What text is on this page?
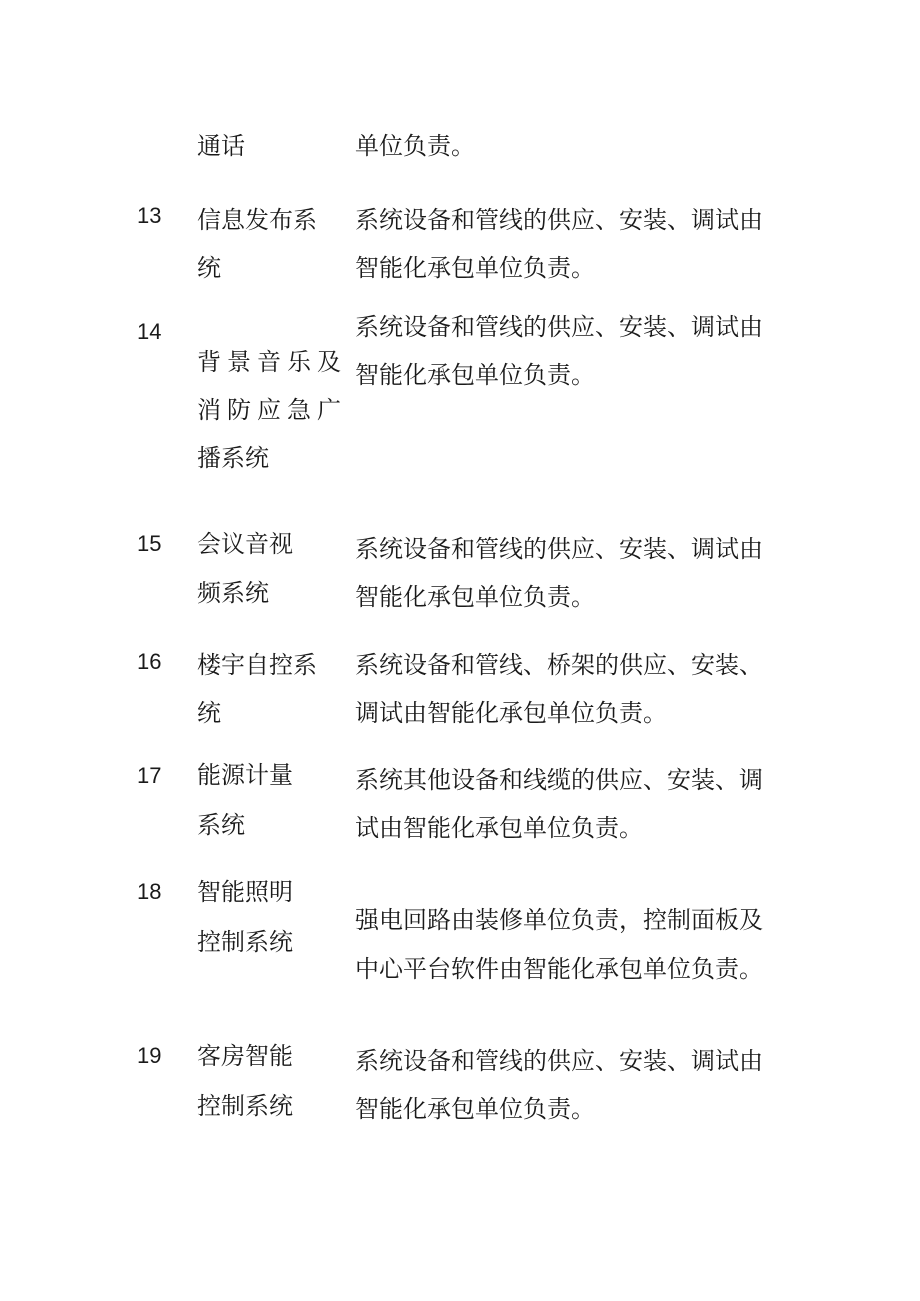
通话	单位负责。
13 信息发布系
统
系统设备和管线的供应、安装、调试由
智能化承包单位负责。
14
背景音乐及
消防应急广
播系统
系统设备和管线的供应、安装、调试由
智能化承包单位负责。
15 会议音视
频系统
系统设备和管线的供应、安装、调试由
智能化承包单位负责。
16 楼宇自控系
统
系统设备和管线、桥架的供应、安装、
调试由智能化承包单位负责。
17 能源计量
系统
系统其他设备和线缆的供应、安装、调
试由智能化承包单位负责。
18 智能照明
控制系统
强电回路由装修单位负责，控制面板及
中心平台软件由智能化承包单位负责。
19 客房智能
控制系统
系统设备和管线的供应、安装、调试由
智能化承包单位负责。
